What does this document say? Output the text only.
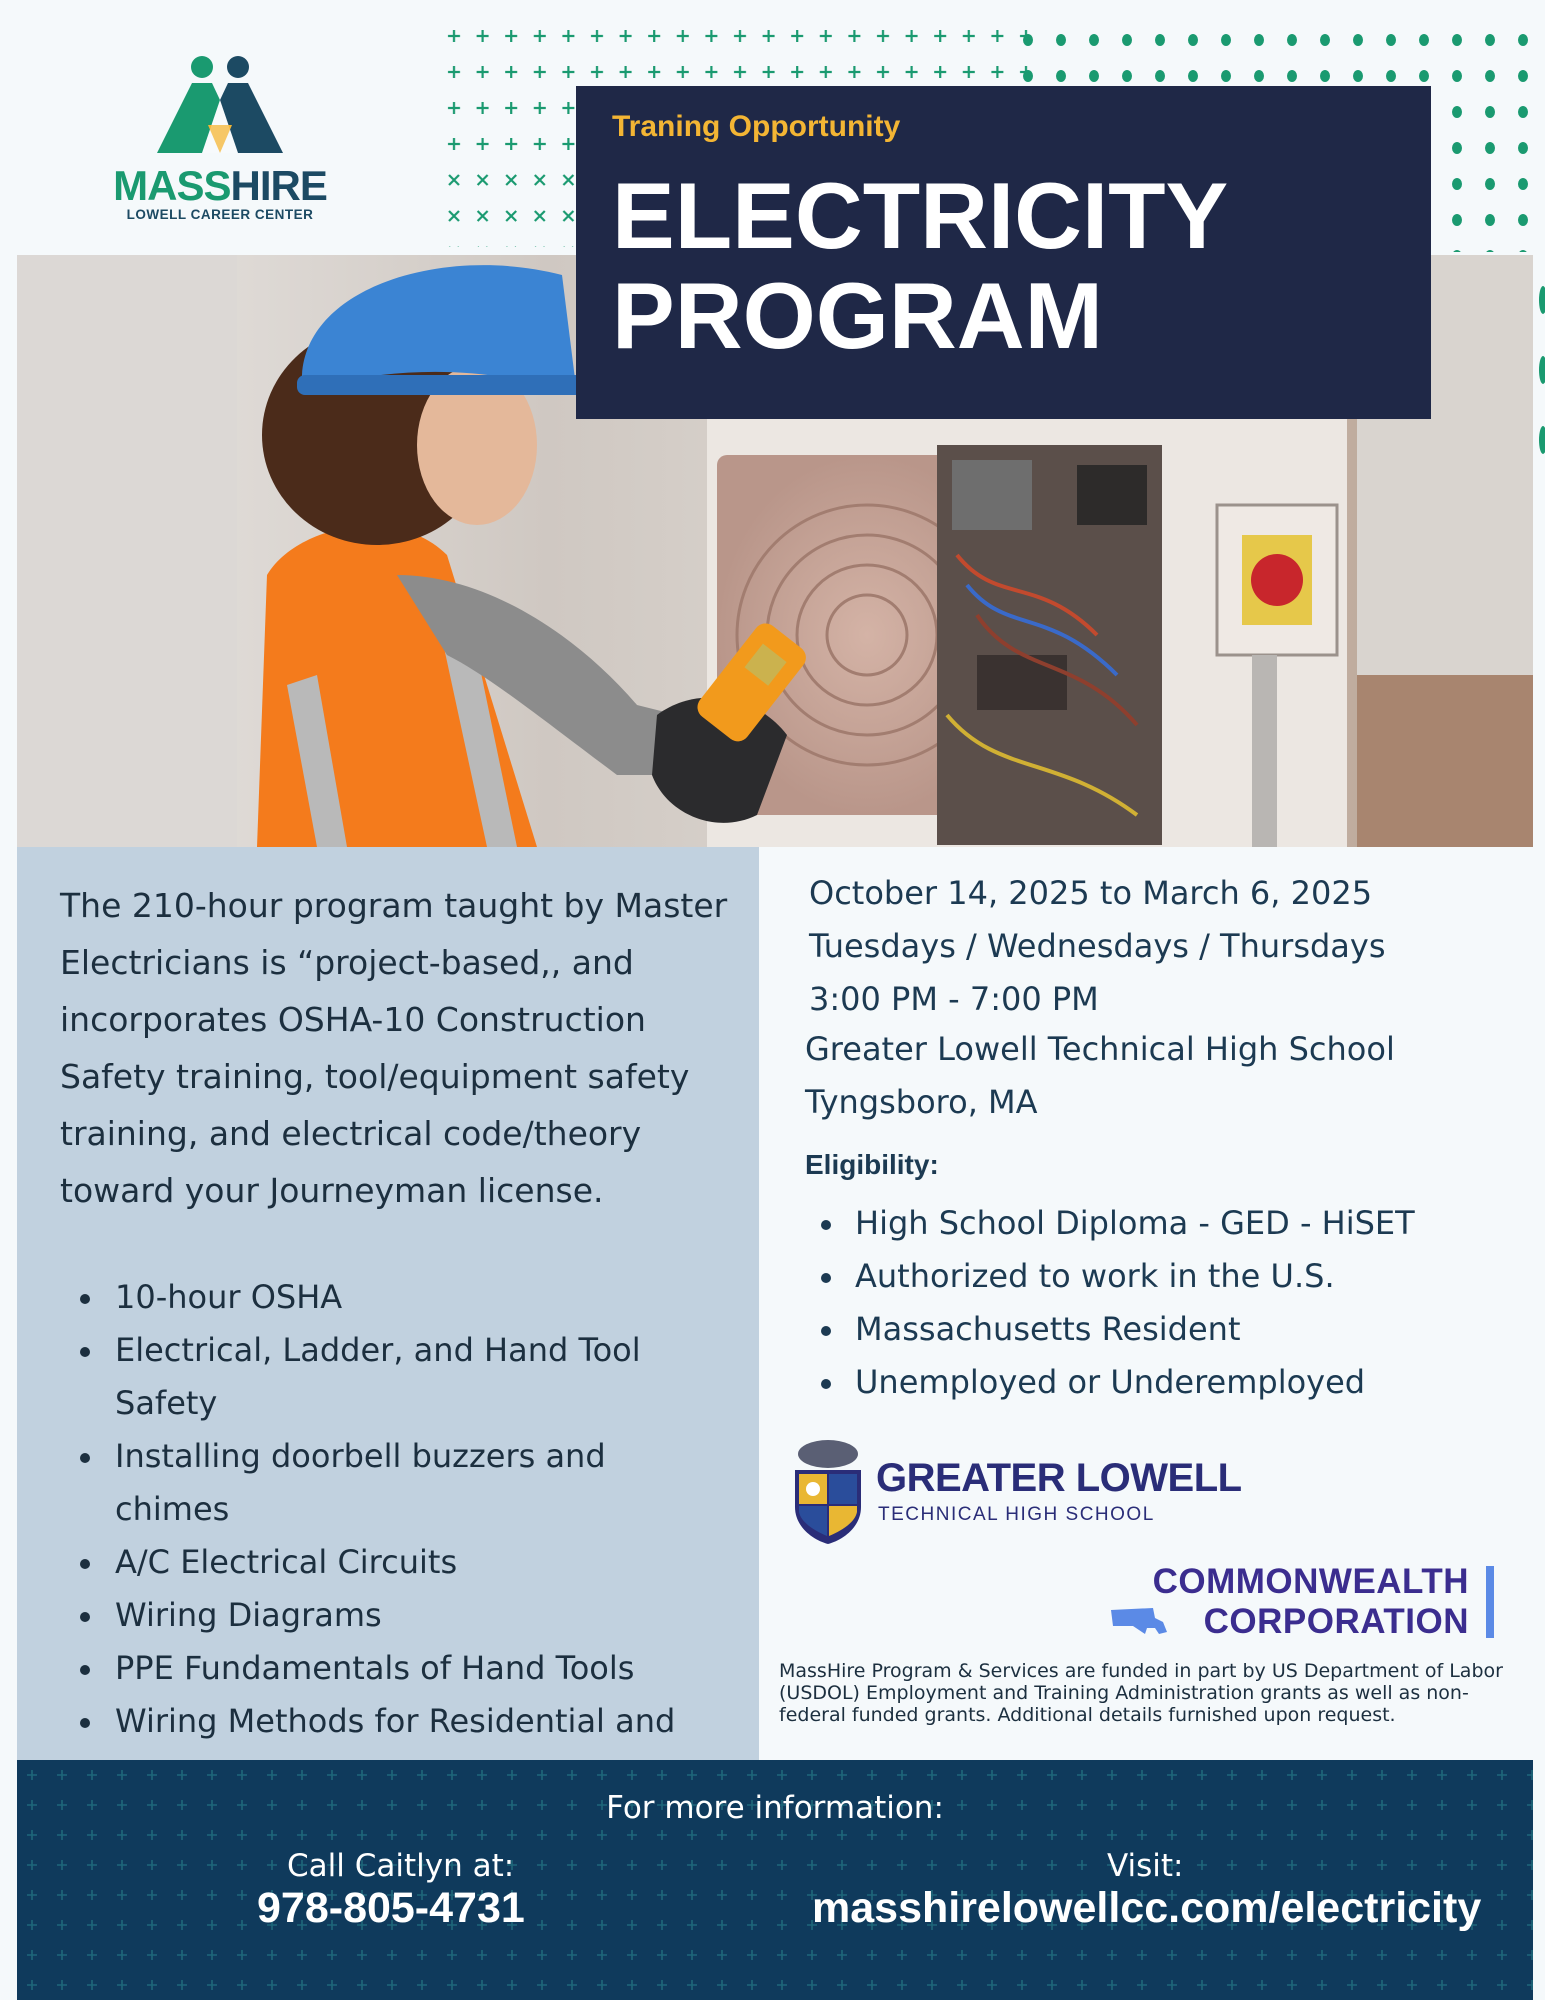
MASSHIRE
LOWELL CAREER CENTER
Traning Opportunity
ELECTRICITY
PROGRAM

The 210-hour program taught by Master Electricians is “project-based,, and incorporates OSHA-10 Construction Safety training, tool/equipment safety training, and electrical code/theory toward your Journeyman license.

10-hour OSHA
Electrical, Ladder, and Hand Tool Safety
Installing doorbell buzzers and chimes
A/C Electrical Circuits
Wiring Diagrams
PPE Fundamentals of Hand Tools
Wiring Methods for Residential and
October 14, 2025 to March 6, 2025
Tuesdays / Wednesdays / Thursdays
3:00 PM - 7:00 PM
Greater Lowell Technical High School
Tyngsboro, MA
Eligibility:
High School Diploma - GED - HiSET
Authorized to work in the U.S.
Massachusetts Resident
Unemployed or Underemployed
GREATER LOWELL
TECHNICAL HIGH SCHOOL
COMMONWEALTH
CORPORATION

MassHire Program & Services are funded in part by US Department of Labor (USDOL) Employment and Training Administration grants as well as non-federal funded grants. Additional details furnished upon request.

For more information:
Call Caitlyn at:
978-805-4731
Visit:
masshirelowellcc.com/electricity
